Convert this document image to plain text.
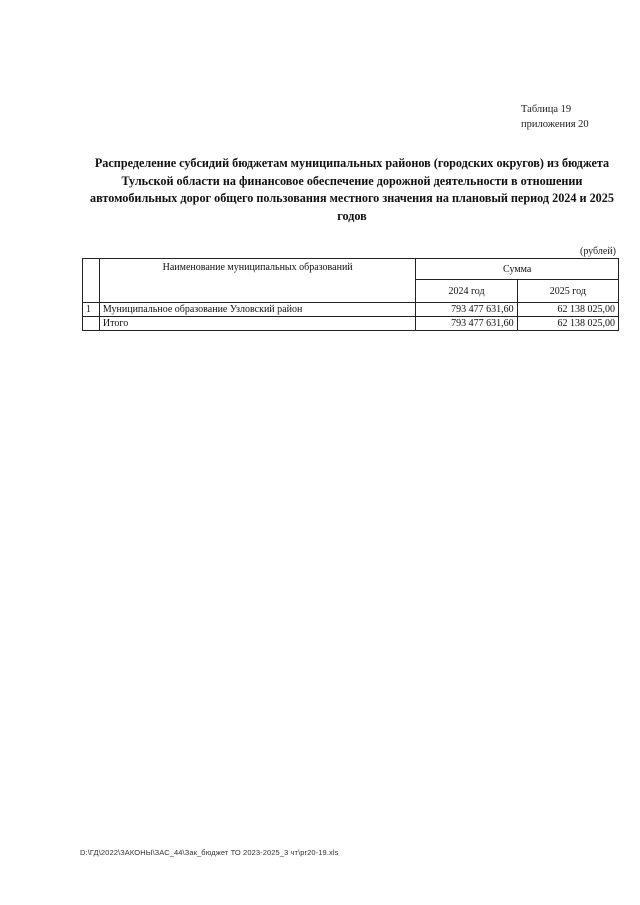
Таблица 19
приложения 20
Распределение субсидий бюджетам муниципальных районов (городских округов) из бюджета Тульской области на финансовое обеспечение дорожной деятельности в отношении автомобильных дорог общего пользования местного значения на плановый период 2024 и 2025 годов
(рублей)
	Наименование муниципальных образований	Сумма	
		2024 год	2025 год
1	Муниципальное образование Узловский район	793 477 631,60	62 138 025,00
	Итого	793 477 631,60	62 138 025,00
D:\ГД\2022\ЗАКОНЫ\ЗАС_44\Зак_бюджет ТО 2023-2025_3 чт\pr20-19.xls
